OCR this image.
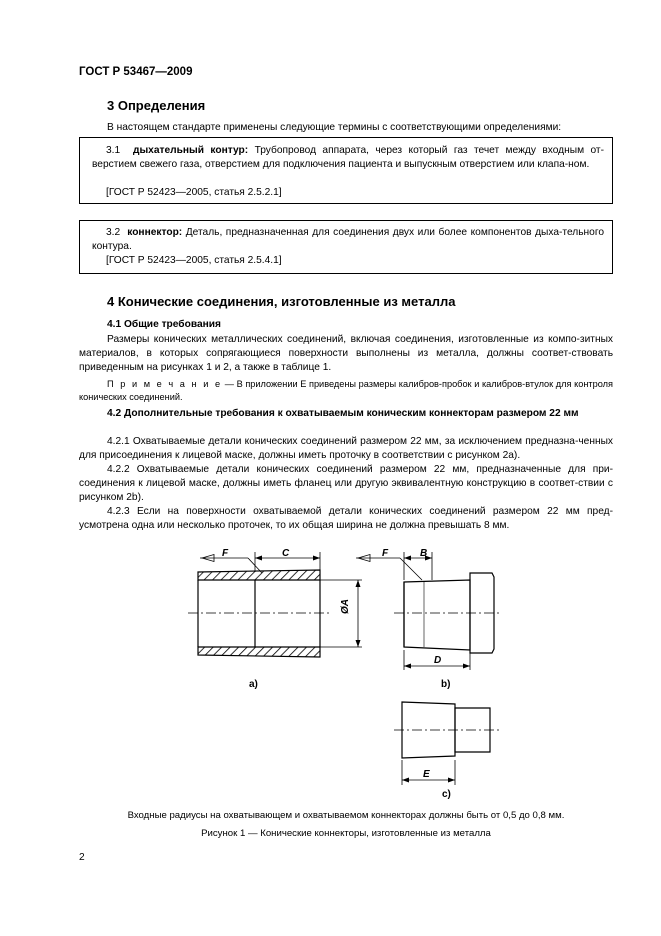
ГОСТ Р 53467—2009
3 Определения
В настоящем стандарте применены следующие термины с соответствующими определениями:
3.1 дыхательный контур: Трубопровод аппарата, через который газ течет между входным от-верстием свежего газа, отверстием для подключения пациента и выпускным отверстием или клапа-ном.
[ГОСТ Р 52423—2005, статья 2.5.2.1]
3.2 коннектор: Деталь, предназначенная для соединения двух или более компонентов дыха-тельного контура.
[ГОСТ Р 52423—2005, статья 2.5.4.1]
4 Конические соединения, изготовленные из металла
4.1 Общие требования
Размеры конических металлических соединений, включая соединения, изготовленные из компо-зитных материалов, в которых сопрягающиеся поверхности выполнены из металла, должны соответ-ствовать приведенным на рисунках 1 и 2, а также в таблице 1.
П р и м е ч а н и е — В приложении Е приведены размеры калибров-пробок и калибров-втулок для контроля конических соединений.
4.2 Дополнительные требования к охватываемым коническим коннекторам размером 22 мм
4.2.1 Охватываемые детали конических соединений размером 22 мм, за исключением предназна-ченных для присоединения к лицевой маске, должны иметь проточку в соответствии с рисунком 2а).
4.2.2 Охватываемые детали конических соединений размером 22 мм, предназначенные для при-соединения к лицевой маске, должны иметь фланец или другую эквивалентную конструкцию в соответ-ствии с рисунком 2b).
4.2.3 Если на поверхности охватываемой детали конических соединений размером 22 мм пред-усмотрена одна или несколько проточек, то их общая ширина не должна превышать 8 мм.
F	C	F	B
ØA
D
E
a)	b)
c)
Входные радиусы на охватывающем и охватываемом коннекторах должны быть от 0,5 до 0,8 мм.
Рисунок 1 — Конические коннекторы, изготовленные из металла
2
